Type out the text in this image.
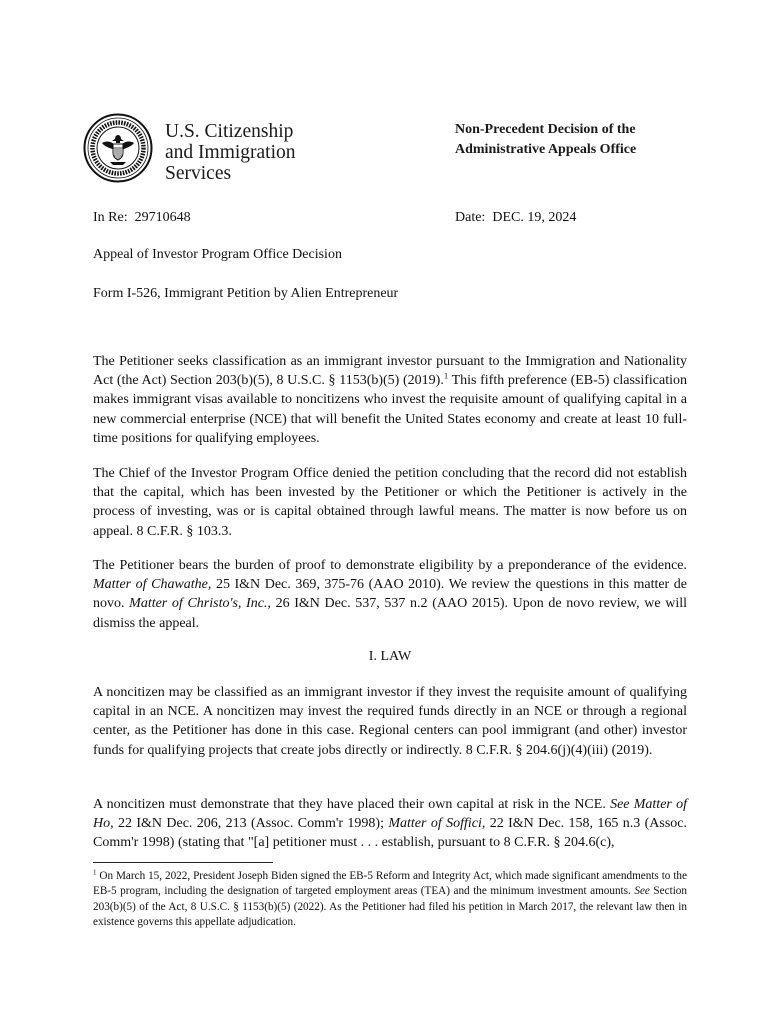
U.S. Citizenship
and Immigration
Services
Non-Precedent Decision of the
Administrative Appeals Office
In Re: 29710648	Date: DEC. 19, 2024
Appeal of Investor Program Office Decision
Form I-526, Immigrant Petition by Alien Entrepreneur
The Petitioner seeks classification as an immigrant investor pursuant to the Immigration and Nationality Act (the Act) Section 203(b)(5), 8 U.S.C. § 1153(b)(5) (2019).$^1$ This fifth preference (EB-5) classification makes immigrant visas available to noncitizens who invest the requisite amount of qualifying capital in a new commercial enterprise (NCE) that will benefit the United States economy and create at least 10 full-time positions for qualifying employees.
The Chief of the Investor Program Office denied the petition concluding that the record did not establish that the capital, which has been invested by the Petitioner or which the Petitioner is actively in the process of investing, was or is capital obtained through lawful means. The matter is now before us on appeal. 8 C.F.R. § 103.3.
The Petitioner bears the burden of proof to demonstrate eligibility by a preponderance of the evidence. Matter of Chawathe, 25 I&N Dec. 369, 375-76 (AAO 2010). We review the questions in this matter de novo. Matter of Christo's, Inc., 26 I&N Dec. 537, 537 n.2 (AAO 2015). Upon de novo review, we will dismiss the appeal.
I. LAW
A noncitizen may be classified as an immigrant investor if they invest the requisite amount of qualifying capital in an NCE. A noncitizen may invest the required funds directly in an NCE or through a regional center, as the Petitioner has done in this case. Regional centers can pool immigrant (and other) investor funds for qualifying projects that create jobs directly or indirectly. 8 C.F.R. § 204.6(j)(4)(iii) (2019).
A noncitizen must demonstrate that they have placed their own capital at risk in the NCE. See Matter of Ho, 22 I&N Dec. 206, 213 (Assoc. Comm'r 1998); Matter of Soffici, 22 I&N Dec. 158, 165 n.3 (Assoc. Comm'r 1998) (stating that "[a] petitioner must . . . establish, pursuant to 8 C.F.R. § 204.6(c),
$^1$ On March 15, 2022, President Joseph Biden signed the EB-5 Reform and Integrity Act, which made significant amendments to the EB-5 program, including the designation of targeted employment areas (TEA) and the minimum investment amounts. See Section 203(b)(5) of the Act, 8 U.S.C. § 1153(b)(5) (2022). As the Petitioner had filed his petition in March 2017, the relevant law then in existence governs this appellate adjudication.
